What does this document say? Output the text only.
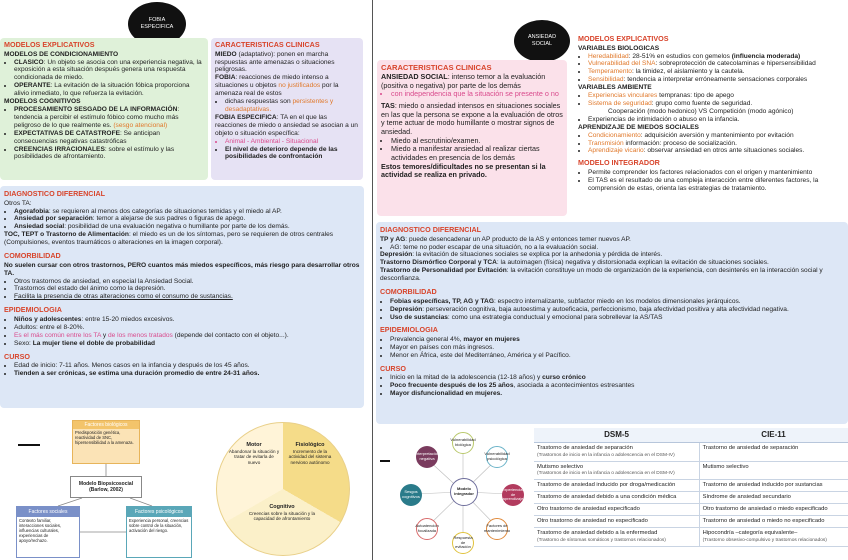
FOBIA ESPECIFICA
MODELOS EXPLICATIVOS
MODELOS DE CONDICIONAMIENTO
• CLASICO: Un objeto se asocia con una experiencia negativa, la exposición a esta situación después genera una respuesta condicionada de miedo.
• OPERANTE: La evitación de la situación fóbica proporciona alivio inmediato, lo que refuerza la evitación.
MODELOS COGNITIVOS
• PROCESAMIENTO SESGADO DE LA INFORMACIÓN: tendencia a percibir el estímulo fóbico como mucho más peligroso de lo que realmente es. (sesgo atencional)
• EXPECTATIVAS DE CATASTROFE: Se anticipan consecuencias negativas catastróficas
• CREENCIAS IRRACIONALES: sobre el estímulo y las posibilidades de afrontamiento.
CARACTERISTICAS CLINICAS
MIEDO (adaptativo): ponen en marcha respuestas ante amenazas o situaciones peligrosas.
FOBIA: reacciones de miedo intenso a situaciones u objetos no justificados por la amenaza real de estos
• dichas respuestas son persistentes y desadaptativas.
FOBIA ESPECIFICA: TA en el que las reacciones de miedo o ansiedad se asocian a un objeto o situación específica:
• Animal - Ambiental - Situacional
• El nivel de deterioro depende de las posibilidades de confrontación
DIAGNOSTICO DIFERENCIAL
Otros TA:
• Agorafobia: se requieren al menos dos categorías de situaciones temidas y el miedo al AP.
• Ansiedad por separación: temor a alejarse de sus padres o figuras de apego.
• Ansiedad social: posibilidad de una evaluación negativa o humillante por parte de los demás.
TOC, TEPT o Trastorno de Alimentación: el miedo es un de los síntomas, pero se requieren de otros centrales (Compulsiones, eventos traumáticos o alteraciones en la imagen corporal).
COMORBILIDAD
No suelen cursar con otros trastornos, PERO cuantos más miedos específicos, más riesgo para desarrollar otros TA.
• Otros trastornos de ansiedad, en especial la Ansiedad Social.
• Trastornos del estado del ánimo como la depresión.
• Facilita la presencia de otras alteraciones como el consumo de sustancias.
EPIDEMIOLOGIA
• Niños y adolescentes: entre 15-20 miedos excesivos.
• Adultos: entre el 8-20%.
• Es el más común entre los TA y de los menos tratados (depende del contacto con el objeto...).
• Sexo: La mujer tiene el doble de probabilidad
CURSO
• Edad de inicio: 7-11 años. Menos casos en la infancia y después de los 45 años.
• Tienden a ser crónicas, se estima una duración promedio de entre 24-31 años.
Factores biológicos
Predisposición genética, reactividad de SNC, hipersensibilidad a la amenaza.
Modelo Biopsicosocial (Barlow, 2002)
Factores sociales
Contexto familiar, interacciones sociales, influencias culturales, experiencias de apoyo/rechazo.
Factores psicológicos
Experiencia personal, creencias sobre control de la situación, activación del riesgo.
Motor
Abandonar la situación y tratar de evitarla de nuevo
Fisiológico
Incremento de la actividad del sistema nervioso autónomo
Cognitivo
Creencias sobre la situación y la capacidad de afrontamiento
ANSIEDAD SOCIAL
CARACTERISTICAS CLINICAS
ANSIEDAD SOCIAL: intenso temor a la evaluación (positiva o negativa) por parte de los demás
• con independencia que la situación se presente o no
TAS: miedo o ansiedad intensos en situaciones sociales en las que la persona se expone a la evaluación de otros y teme actuar de modo humillante o mostrar signos de ansiedad.
• Miedo al escrutinio/examen.
• Miedo a manifestar ansiedad al realizar ciertas actividades en presencia de los demás
Estos temores/dificultades no se presentan si la actividad se realiza en privado.
MODELOS EXPLICATIVOS
VARIABLES BIOLOGICAS
• Heredabilidad: 28-51% en estudios con gemelos (influencia moderada)
• Vulnerabilidad del SNA: sobreprotección de catecolaminas e hipersensibilidad
• Temperamento: la timidez, el aislamiento y la cautela.
• Sensibilidad: tendencia a interpretar erróneamente sensaciones corporales
VARIABLES AMBIENTE
• Experiencias vinculares tempranas: tipo de apego
• Sistema de seguridad: grupo como fuente de seguridad.
Cooperación (modo hedonico) VS Competición (modo agónico)
• Experiencias de intimidación o abuso en la infancia.
APRENDIZAJE DE MIEDOS SOCIALES
• Condicionamiento: adquisición aversión y mantenimiento por evitación
• Transmisión información: proceso de socialización.
• Aprendizaje vicario: observar ansiedad en otros ante situaciones sociales.
MODELO INTEGRADOR
• Permite comprender los factores relacionados con el origen y mantenimiento
• El TAS es el resultado de una compleja interacción entre diferentes factores, la comprensión de estas, orienta las estrategias de tratamiento.
DIAGNOSTICO DIFERENCIAL
TP y AG: puede desencadenar un AP producto de la AS y entonces temer nuevos AP.
• AG: teme no poder escapar de una situación, no a la evaluación social.
Depresión: la evitación de situaciones sociales se explica por la anhedonia y pérdida de interés.
Trastorno Dismórfico Corporal y TCA: la autoimagen (física) negativa y distorsionada explican la evitación de situaciones sociales.
Trastorno de Personalidad por Evitación: la evitación constituye un modo de organización de la experiencia, con desinterés en la interacción social y desconfianza.
COMORBILIDAD
• Fobias específicas, TP, AG y TAG: espectro internalizante, subfactor miedo en los modelos dimensionales jerárquicos.
• Depresión: perseveración cognitiva, baja autoestima y autoeficacia, perfeccionismo, baja afectividad positiva y alta afectividad negativa.
• Uso de sustancias: como una estrategia conductual y emocional para sobrellevar la AS/TAS
EPIDEMIOLOGIA
• Prevalencia general 4%, mayor en mujeres
• Mayor en países con más ingresos.
• Menor en África, este del Mediterráneo, América y el Pacífico.
CURSO
• Inicio en la mitad de la adolescencia (12-18 años) y curso crónico
• Poco frecuente después de los 25 años, asociada a acontecimientos estresantes
• Mayor disfuncionalidad en mujeres.
Modelo integrador
Vulnerabilidad biológica
Vulnerabilidad psicológica
Experiencias de aprendizaje
Factores de mantenimiento
Respuesta de evitación
Autoatención focalizada
Sesgos cognitivos
Interpretación negativa
DSM-5	CIE-11
Trastorno de ansiedad de separación
(Trastornos de inicio en la infancia o adolescencia en el DSM-IV)	Trastorno de ansiedad de separación
Mutismo selectivo
(Trastornos de inicio en la infancia o adolescencia en el DSM-IV)	Mutismo selectivo
Trastorno de ansiedad inducido por droga/medicación	Trastorno de ansiedad inducido por sustancias
Trastorno de ansiedad debido a una condición médica	Síndrome de ansiedad secundario
Otro trastorno de ansiedad especificado	Otro trastorno de ansiedad o miedo especificado
Otro trastorno de ansiedad no especificado	Trastorno de ansiedad o miedo no especificado
Trastorno de ansiedad debido a la enfermedad
(Trastorno de síntomas somáticos y trastornos relacionados)	Hipocondría –categoría equivalente–
(Trastorno obsesivo-compulsivo y trastornos relacionados)
